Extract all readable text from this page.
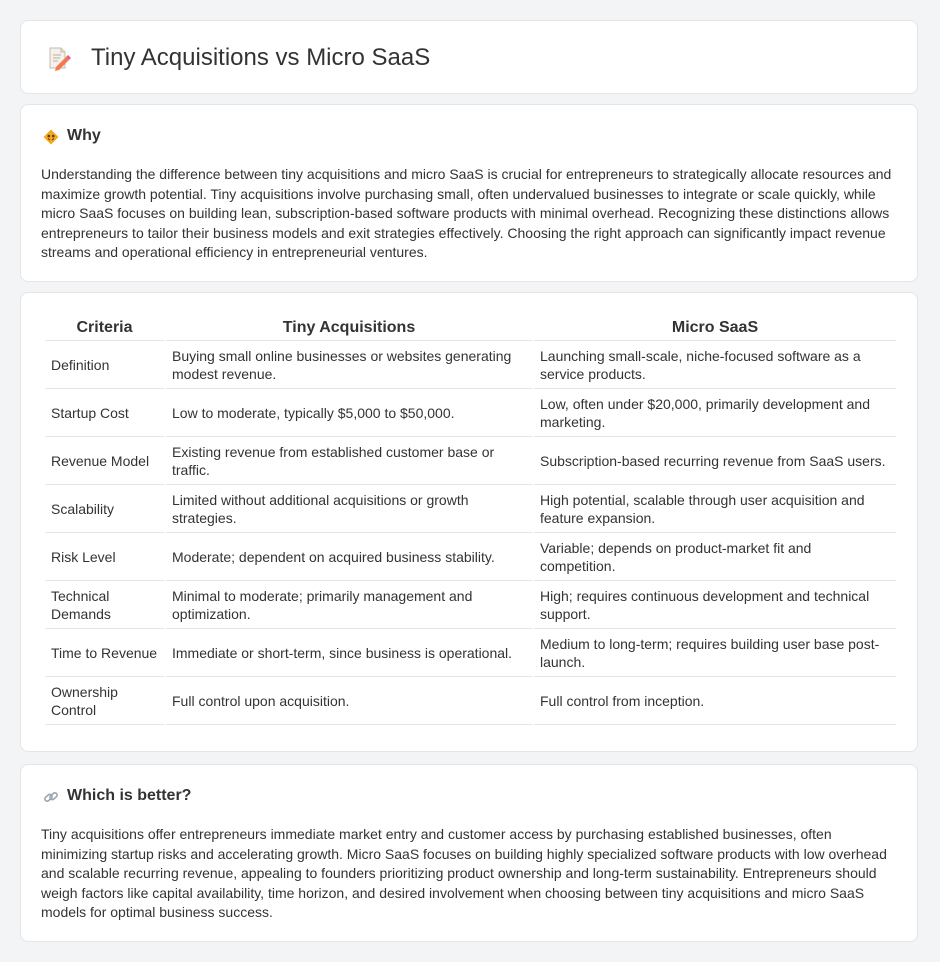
Tiny Acquisitions vs Micro SaaS
Why

Understanding the difference between tiny acquisitions and micro SaaS is crucial for entrepreneurs to strategically allocate resources and maximize growth potential. Tiny acquisitions involve purchasing small, often undervalued businesses to integrate or scale quickly, while micro SaaS focuses on building lean, subscription-based software products with minimal overhead. Recognizing these distinctions allows entrepreneurs to tailor their business models and exit strategies effectively. Choosing the right approach can significantly impact revenue streams and operational efficiency in entrepreneurial ventures.

Criteria	Tiny Acquisitions	Micro SaaS
Definition	Buying small online businesses or websites generating modest revenue.	Launching small-scale, niche-focused software as a service products.
Startup Cost	Low to moderate, typically $5,000 to $50,000.	Low, often under $20,000, primarily development and marketing.
Revenue Model	Existing revenue from established customer base or traffic.	Subscription-based recurring revenue from SaaS users.
Scalability	Limited without additional acquisitions or growth strategies.	High potential, scalable through user acquisition and feature expansion.
Risk Level	Moderate; dependent on acquired business stability.	Variable; depends on product-market fit and competition.
Technical Demands	Minimal to moderate; primarily management and optimization.	High; requires continuous development and technical support.
Time to Revenue	Immediate or short-term, since business is operational.	Medium to long-term; requires building user base post-launch.
Ownership Control	Full control upon acquisition.	Full control from inception.
Which is better?

Tiny acquisitions offer entrepreneurs immediate market entry and customer access by purchasing established businesses, often minimizing startup risks and accelerating growth. Micro SaaS focuses on building highly specialized software products with low overhead and scalable recurring revenue, appealing to founders prioritizing product ownership and long-term sustainability. Entrepreneurs should weigh factors like capital availability, time horizon, and desired involvement when choosing between tiny acquisitions and micro SaaS models for optimal business success.
